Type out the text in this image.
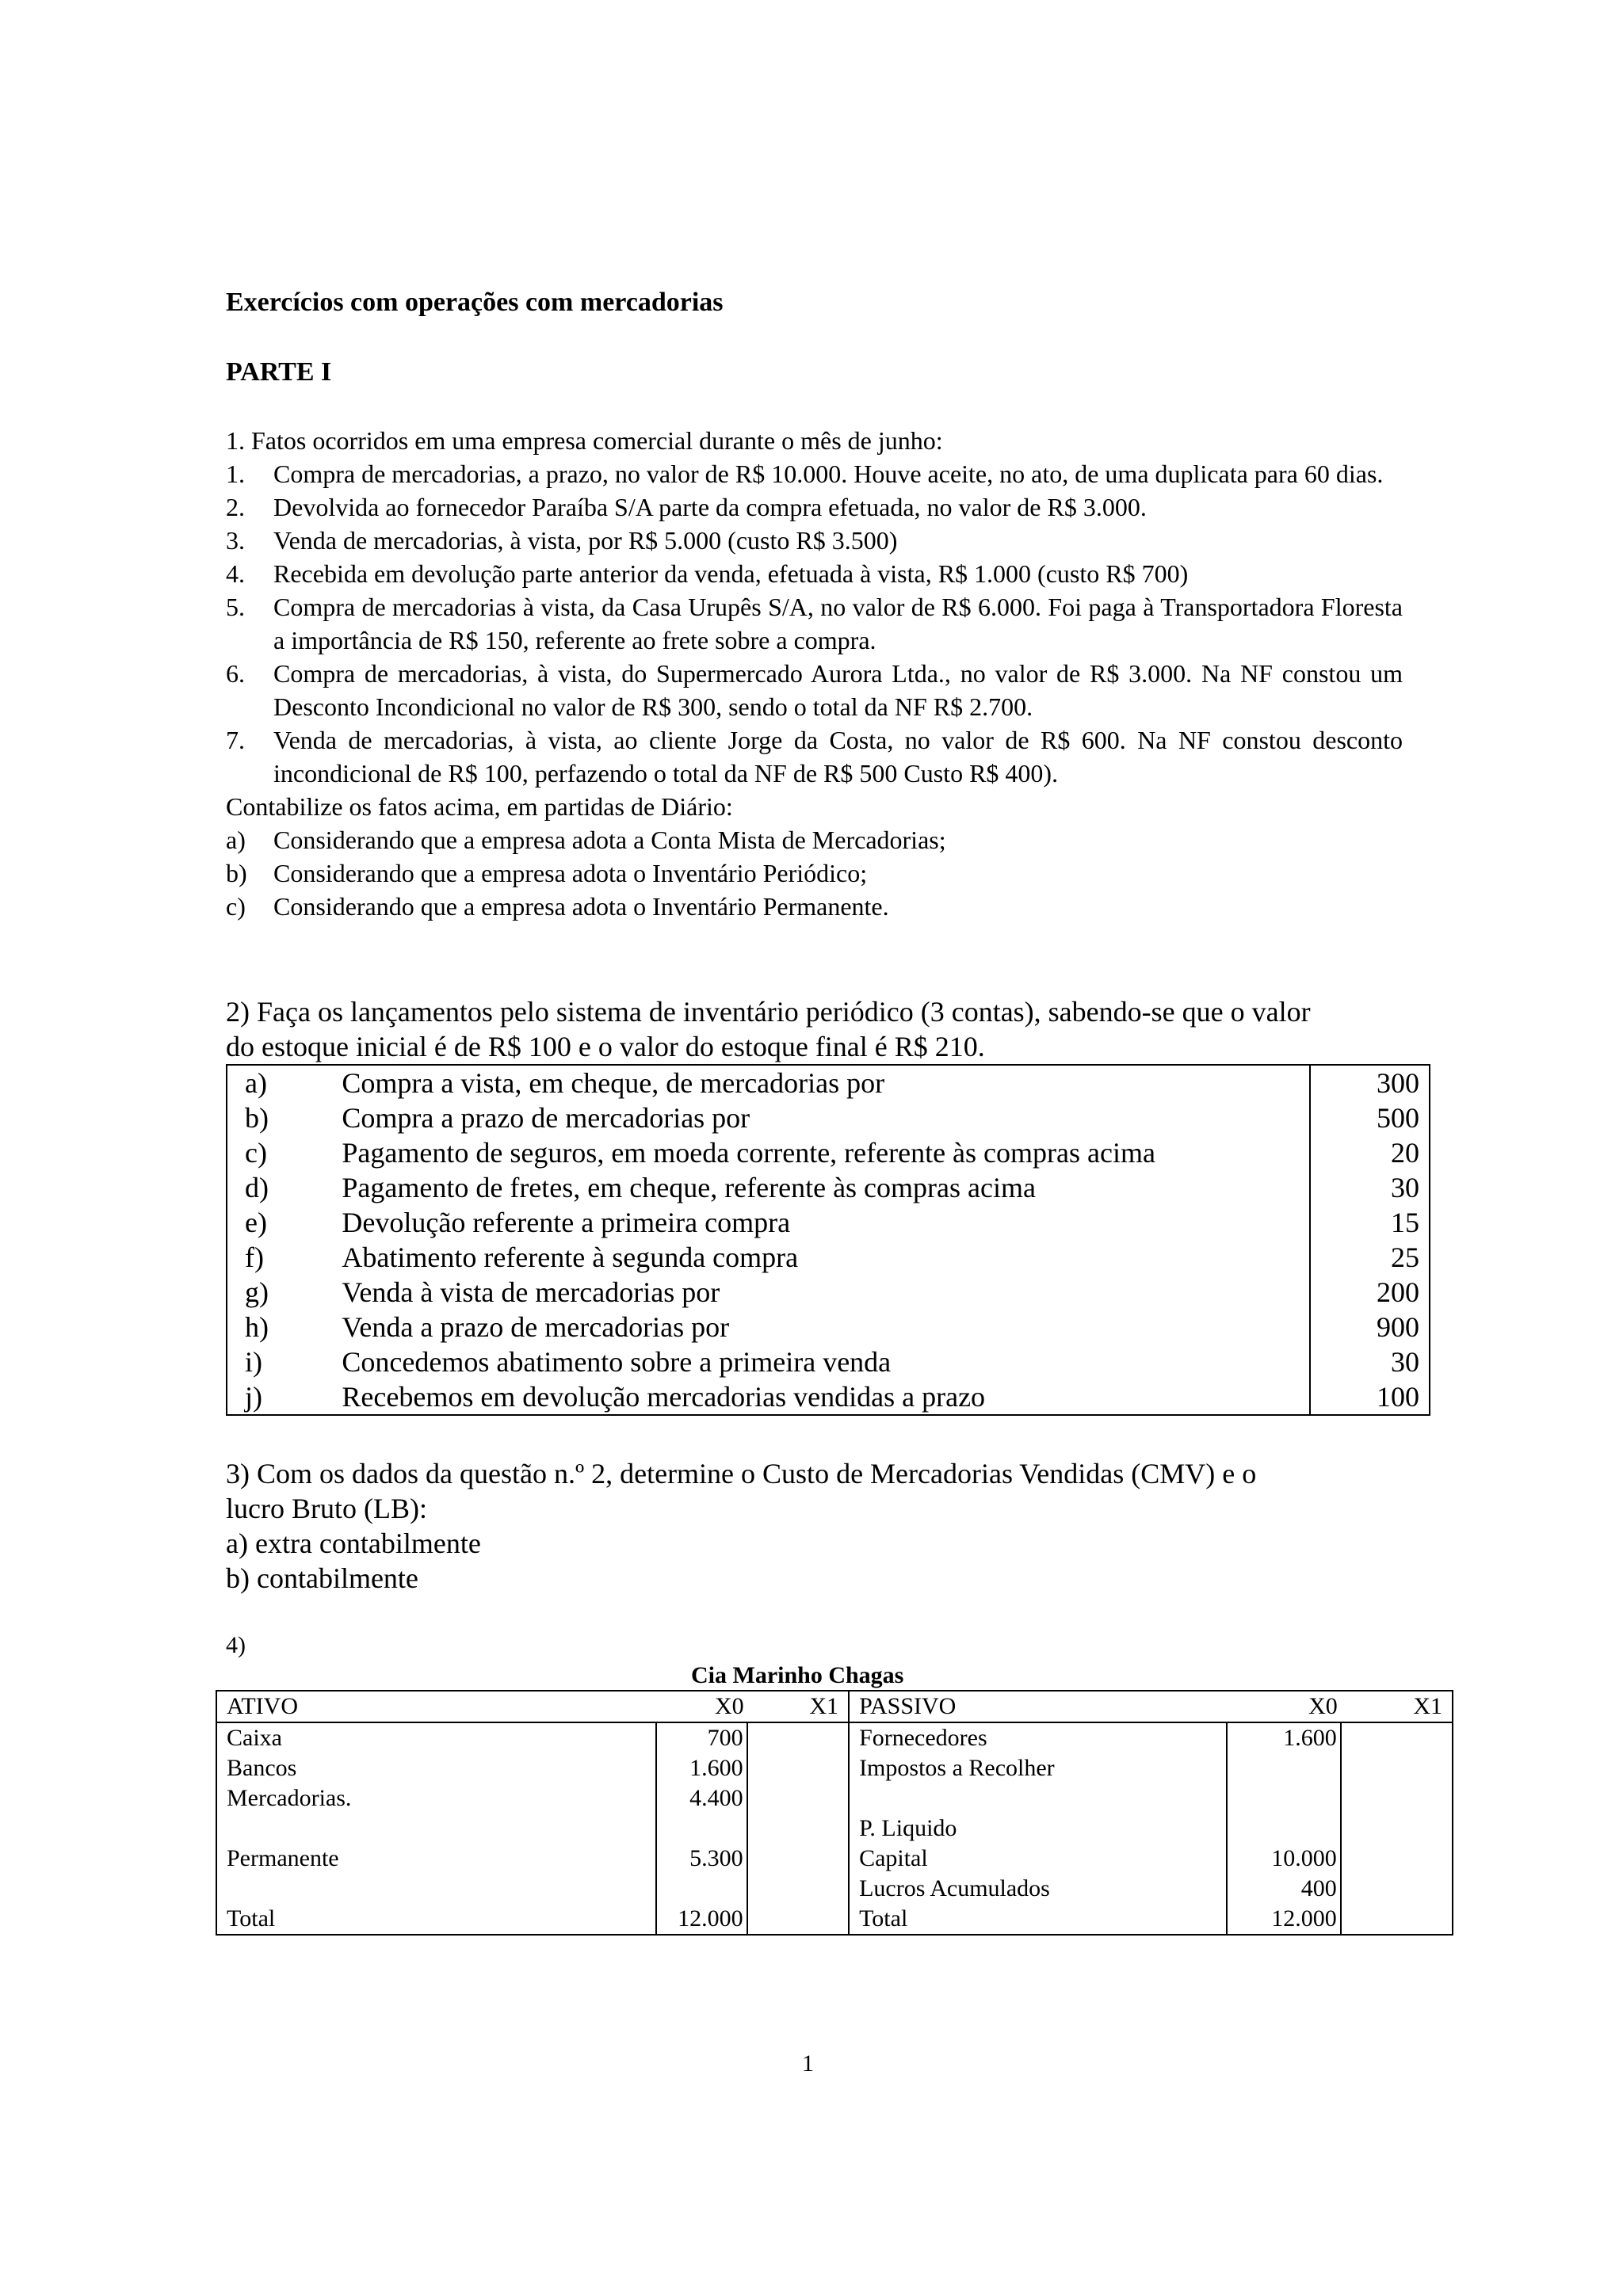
Exercícios com operações com mercadorias
PARTE I
1. Fatos ocorridos em uma empresa comercial durante o mês de junho:
1. Compra de mercadorias, a prazo, no valor de R$ 10.000. Houve aceite, no ato, de uma duplicata para 60 dias.
2. Devolvida ao fornecedor Paraíba S/A parte da compra efetuada, no valor de R$ 3.000.
3. Venda de mercadorias, à vista, por R$ 5.000 (custo R$ 3.500)
4. Recebida em devolução parte anterior da venda, efetuada à vista, R$ 1.000 (custo R$ 700)
5. Compra de mercadorias à vista, da Casa Urupês S/A, no valor de R$ 6.000. Foi paga à Transportadora Floresta a importância de R$ 150, referente ao frete sobre a compra.
6. Compra de mercadorias, à vista, do Supermercado Aurora Ltda., no valor de R$ 3.000. Na NF constou um Desconto Incondicional no valor de R$ 300, sendo o total da NF R$ 2.700.
7. Venda de mercadorias, à vista, ao cliente Jorge da Costa, no valor de R$ 600. Na NF constou desconto incondicional de R$ 100, perfazendo o total da NF de R$ 500 Custo R$ 400).
Contabilize os fatos acima, em partidas de Diário:
a) Considerando que a empresa adota a Conta Mista de Mercadorias;
b) Considerando que a empresa adota o Inventário Periódico;
c) Considerando que a empresa adota o Inventário Permanente.
2) Faça os lançamentos pelo sistema de inventário periódico (3 contas), sabendo-se que o valor
do estoque inicial é de R$ 100 e o valor do estoque final é R$ 210.
a)	Compra a vista, em cheque, de mercadorias por	300
b)	Compra a prazo de mercadorias por	500
c)	Pagamento de seguros, em moeda corrente, referente às compras acima	20
d)	Pagamento de fretes, em cheque, referente às compras acima	30
e)	Devolução referente a primeira compra	15
f)	Abatimento referente à segunda compra	25
g)	Venda à vista de mercadorias por	200
h)	Venda a prazo de mercadorias por	900
i)	Concedemos abatimento sobre a primeira venda	30
j)	Recebemos em devolução mercadorias vendidas a prazo	100
3) Com os dados da questão n.º 2, determine o Custo de Mercadorias Vendidas (CMV) e o
lucro Bruto (LB):
a) extra contabilmente
b) contabilmente
4)
Cia Marinho Chagas
ATIVO	X0	X1	PASSIVO	X0	X1
Caixa	700		Fornecedores	1.600	
Bancos	1.600		Impostos a Recolher		
Mercadorias.	4.400				
			P. Liquido		
Permanente	5.300		Capital	10.000	
			Lucros Acumulados	400	
Total	12.000		Total	12.000	
1
